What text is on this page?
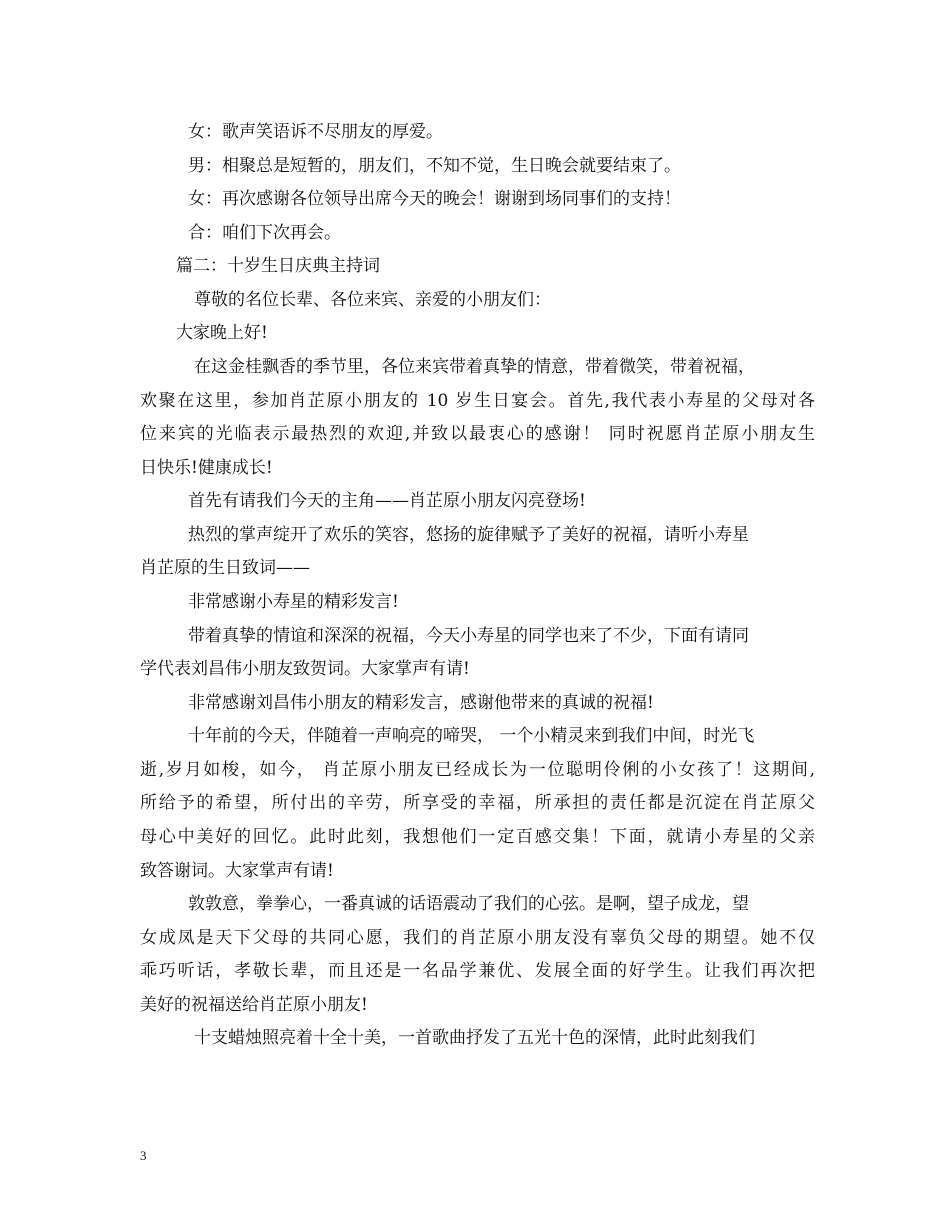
女：歌声笑语诉不尽朋友的厚爱。
男：相聚总是短暂的，朋友们，不知不觉，生日晚会就要结束了。
女：再次感谢各位领导出席今天的晚会！谢谢到场同事们的支持！
合：咱们下次再会。
篇二：十岁生日庆典主持词
尊敬的名位长辈、各位来宾、亲爱的小朋友们：
大家晚上好!
在这金桂飘香的季节里，各位来宾带着真挚的情意，带着微笑，带着祝福，
欢聚在这里，参加肖芷原小朋友的 10 岁生日宴会。首先,我代表小寿星的父母对各
位来宾的光临表示最热烈的欢迎,并致以最衷心的感谢！ 同时祝愿肖芷原小朋友生
日快乐!健康成长!
首先有请我们今天的主角——肖芷原小朋友闪亮登场!
热烈的掌声绽开了欢乐的笑容，悠扬的旋律赋予了美好的祝福，请听小寿星
肖芷原的生日致词——
非常感谢小寿星的精彩发言!
带着真挚的情谊和深深的祝福，今天小寿星的同学也来了不少，下面有请同
学代表刘昌伟小朋友致贺词。大家掌声有请!
非常感谢刘昌伟小朋友的精彩发言，感谢他带来的真诚的祝福!
十年前的今天，伴随着一声响亮的啼哭， 一个小精灵来到我们中间，时光飞
逝,岁月如梭，如今， 肖芷原小朋友已经成长为一位聪明伶俐的小女孩了！这期间,
所给予的希望，所付出的辛劳，所享受的幸福，所承担的责任都是沉淀在肖芷原父
母心中美好的回忆。此时此刻，我想他们一定百感交集！下面，就请小寿星的父亲
致答谢词。大家掌声有请!
敦敦意，拳拳心，一番真诚的话语震动了我们的心弦。是啊，望子成龙，望
女成凤是天下父母的共同心愿，我们的肖芷原小朋友没有辜负父母的期望。她不仅
乖巧听话，孝敬长辈，而且还是一名品学兼优、发展全面的好学生。让我们再次把
美好的祝福送给肖芷原小朋友!
十支蜡烛照亮着十全十美，一首歌曲抒发了五光十色的深情，此时此刻我们
3
